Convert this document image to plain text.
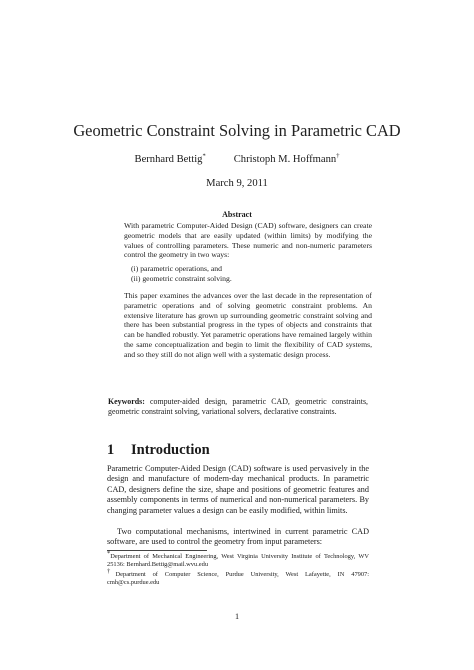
Geometric Constraint Solving in Parametric CAD
Bernhard Bettig*	Christoph M. Hoffmann†
March 9, 2011
Abstract
With parametric Computer-Aided Design (CAD) software, designers can create geometric models that are easily updated (within limits) by modifying the values of controlling parameters. These numeric and non-numeric parameters control the geometry in two ways:
(i) parametric operations, and
(ii) geometric constraint solving.
This paper examines the advances over the last decade in the representation of parametric operations and of solving geometric constraint problems. An extensive literature has grown up surrounding geometric constraint solving and there has been substantial progress in the types of objects and constraints that can be handled robustly. Yet parametric operations have remained largely within the same conceptualization and begin to limit the flexibility of CAD systems, and so they still do not align well with a systematic design process.
Keywords: computer-aided design, parametric CAD, geometric constraints, geometric constraint solving, variational solvers, declarative constraints.
1 Introduction
Parametric Computer-Aided Design (CAD) software is used pervasively in the design and manufacture of modern-day mechanical products. In parametric CAD, designers define the size, shape and positions of geometric features and assembly components in terms of numerical and non-numerical parameters. By changing parameter values a design can be easily modified, within limits.
Two computational mechanisms, intertwined in current parametric CAD software, are used to control the geometry from input parameters:
*Department of Mechanical Engineering, West Virginia University Institute of Technology, WV 25136: Bernhard.Bettig@mail.wvu.edu
†Department of Computer Science, Purdue University, West Lafayette, IN 47907: cmh@cs.purdue.edu
1
